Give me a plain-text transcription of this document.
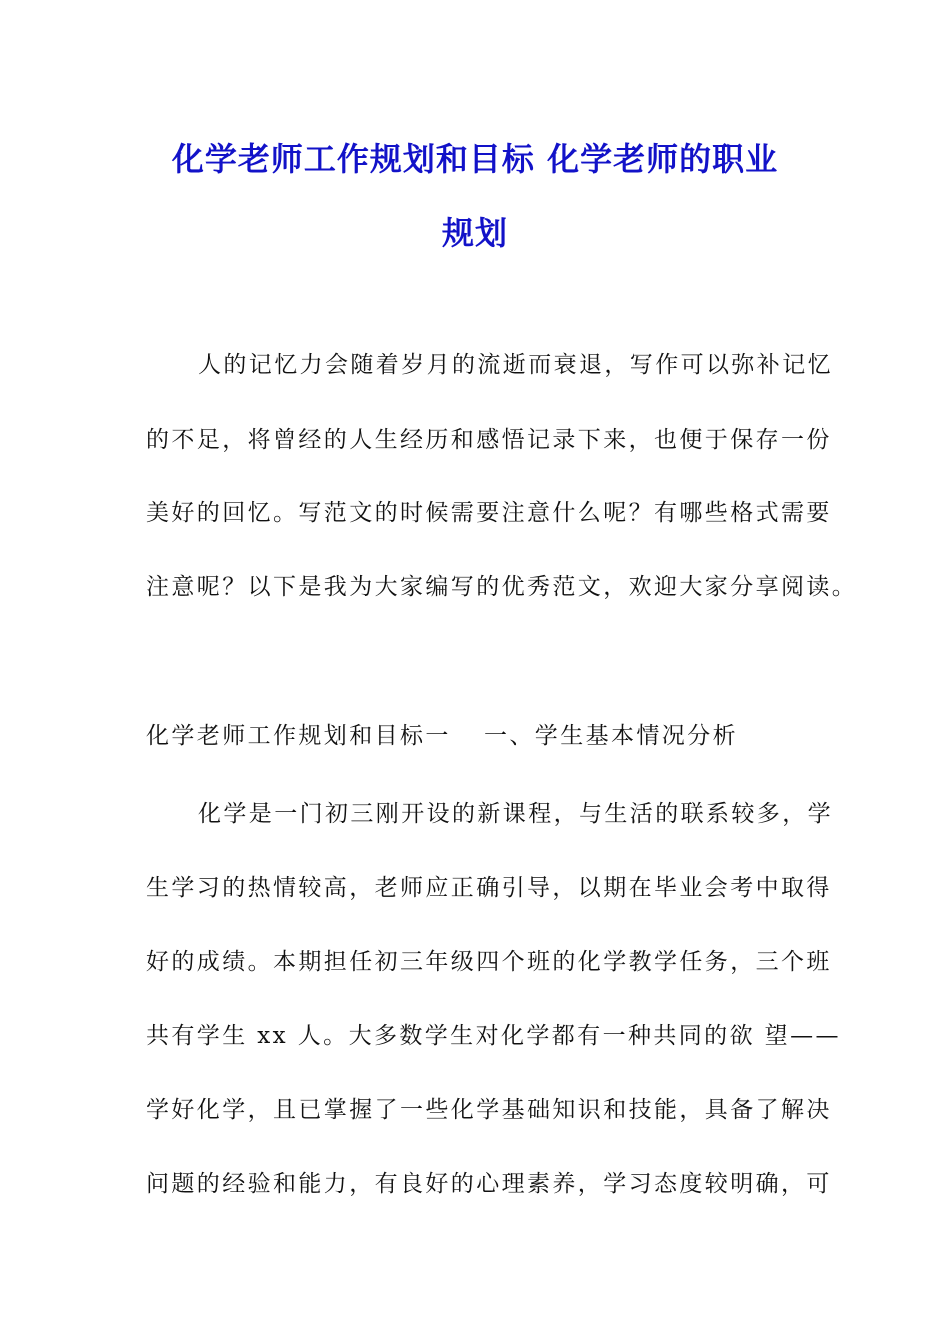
化学老师工作规划和目标 化学老师的职业
规划
人的记忆力会随着岁月的流逝而衰退，写作可以弥补记忆
的不足，将曾经的人生经历和感悟记录下来，也便于保存一份
美好的回忆。写范文的时候需要注意什么呢？有哪些格式需要
注意呢？以下是我为大家编写的优秀范文，欢迎大家分享阅读。
化学老师工作规划和目标一 一、学生基本情况分析
化学是一门初三刚开设的新课程，与生活的联系较多，学
生学习的热情较高，老师应正确引导，以期在毕业会考中取得
好的成绩。本期担任初三年级四个班的化学教学任务，三个班
共有学生 xx 人。大多数学生对化学都有一种共同的欲 望——
学好化学，且已掌握了一些化学基础知识和技能，具备了解决
问题的经验和能力，有良好的心理素养，学习态度较明确，可
